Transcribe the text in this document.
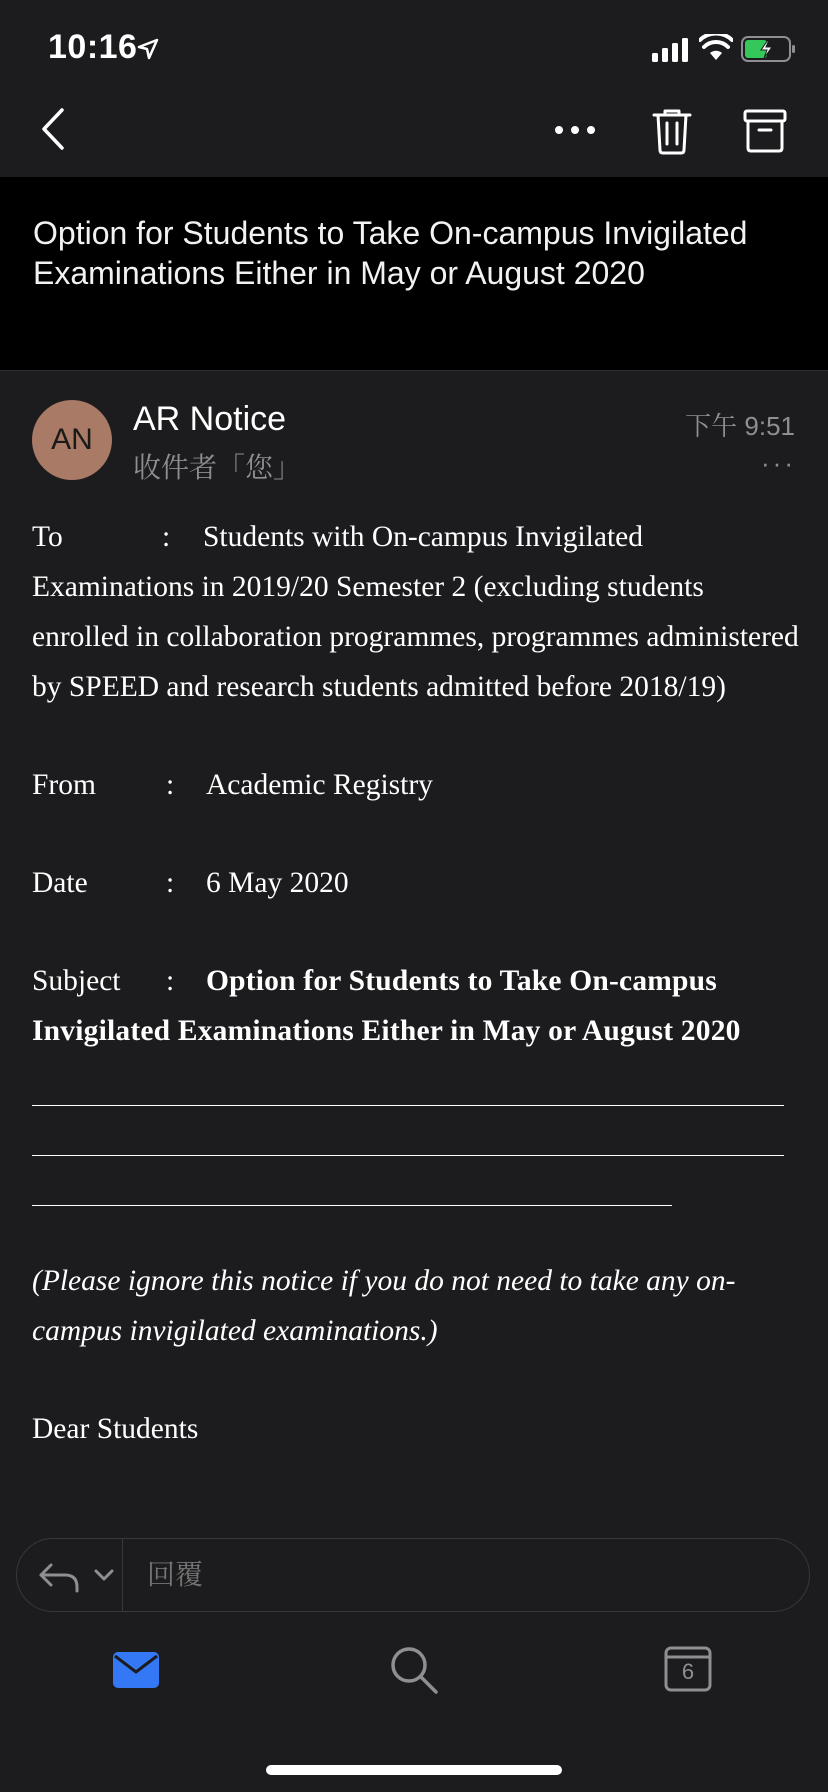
10:16
Option for Students to Take On-campus Invigilated Examinations Either in May or August 2020
AN
AR Notice
收件者「您」
下午 9:51
···

To	: Students with On-campus Invigilated Examinations in 2019/20 Semester 2 (excluding students enrolled in collaboration programmes, programmes administered by SPEED and research students admitted before 2018/19)

From : Academic Registry

Date	: 6 May 2020

Subject : Option for Students to Take On-campus Invigilated Examinations Either in May or August 2020

(Please ignore this notice if you do not need to take any on-campus invigilated examinations.)

Dear Students

回覆
6
